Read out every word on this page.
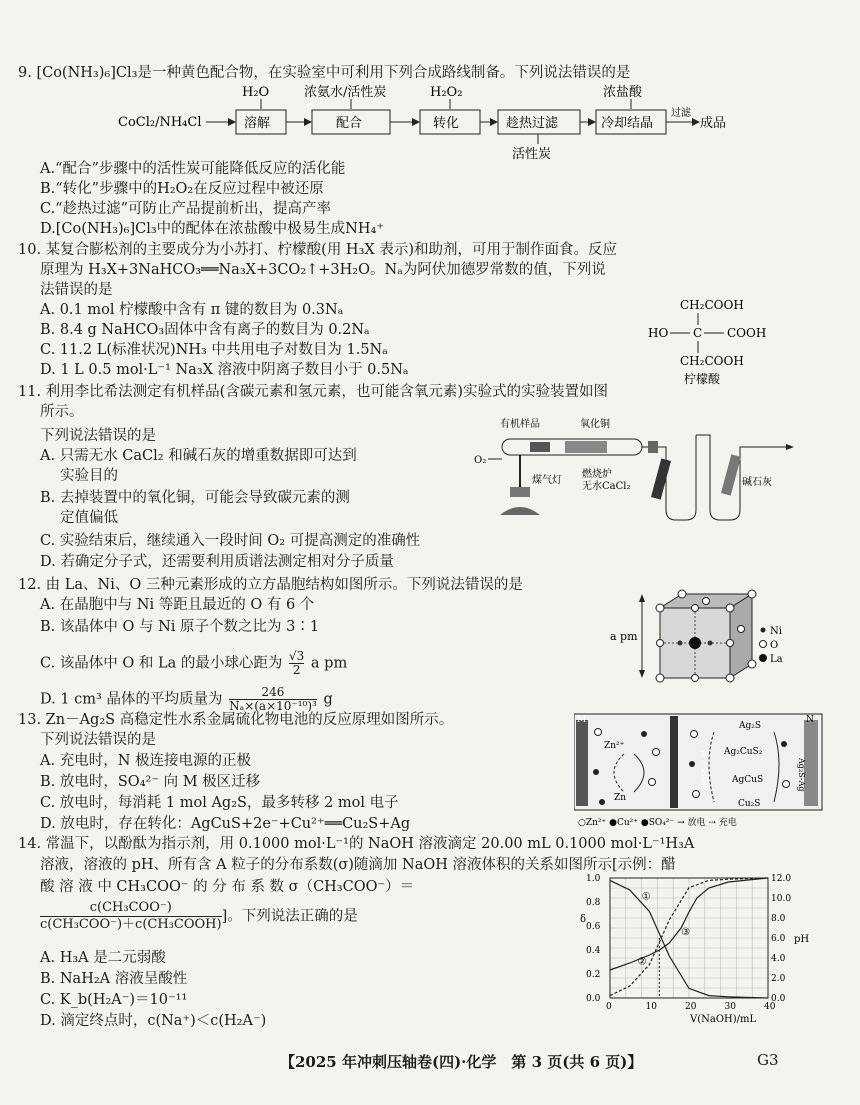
9. [Co(NH₃)₆]Cl₃是一种黄色配合物，在实验室中可利用下列合成路线制备。下列说法错误的是
CoCl₂/NH₄Cl	溶解
H₂O
配合
浓氨水/活性炭
转化
H₂O₂
趁热过滤
活性炭
冷却结晶
浓盐酸
过滤
成品
A.“配合”步骤中的活性炭可能降低反应的活化能
B.“转化”步骤中的H₂O₂在反应过程中被还原
C.“趁热过滤”可防止产品提前析出，提高产率
D.[Co(NH₃)₆]Cl₃中的配体在浓盐酸中极易生成NH₄⁺
10. 某复合膨松剂的主要成分为小苏打、柠檬酸(用 H₃X 表示)和助剂，可用于制作面食。反应
原理为 H₃X+3NaHCO₃══Na₃X+3CO₂↑+3H₂O。Nₐ为阿伏加德罗常数的值，下列说
法错误的是
A. 0.1 mol 柠檬酸中含有 π 键的数目为 0.3Nₐ
B. 8.4 g NaHCO₃固体中含有离子的数目为 0.2Nₐ
C. 11.2 L(标准状况)NH₃ 中共用电子对数目为 1.5Nₐ
D. 1 L 0.5 mol·L⁻¹ Na₃X 溶液中阴离子数目小于 0.5Nₐ
CH₂COOH
HO C COOH
CH₂COOH
柠檬酸
11. 利用李比希法测定有机样品(含碳元素和氢元素，也可能含氧元素)实验式的实验装置如图
所示。
下列说法错误的是
A. 只需无水 CaCl₂ 和碱石灰的增重数据即可达到
实验目的
B. 去掉装置中的氧化铜，可能会导致碳元素的测
定值偏低
C. 实验结束后，继续通入一段时间 O₂ 可提高测定的准确性
D. 若确定分子式，还需要利用质谱法测定相对分子质量
有机样品	氧化铜
O₂
煤气灯
燃烧炉
无水CaCl₂	碱石灰
12. 由 La、Ni、O 三种元素形成的立方晶胞结构如图所示。下列说法错误的是
A. 在晶胞中与 Ni 等距且最近的 O 有 6 个
B. 该晶体中 O 与 Ni 原子个数之比为 3∶1
C. 该晶体中 O 和 La 的最小球心距为 $\frac{√3}{2}$ a pm
D. 1 cm³ 晶体的平均质量为 $\frac{246}{\text{Nₐ×(a×10⁻¹⁰)³}}$ g
a pm	Ni
O
La
13. Zn－Ag₂S 高稳定性水系金属硫化物电池的反应原理如图所示。
下列说法错误的是
A. 充电时，N 极连接电源的正极
B. 放电时，SO₄²⁻ 向 M 极区迁移
C. 放电时，每消耗 1 mol Ag₂S，最多转移 2 mol 电子
D. 放电时，存在转化：AgCuS+2e⁻+Cu²⁺══Cu₂S+Ag
M	N
Ag₂S-Ag
离子交换膜
Zn²⁺
Zn
Ag₂S
Ag₂CuS₂
AgCuS
Cu₂S
○Zn²⁺ ●Cu²⁺ ●SO₄²⁻ → 放电 ⇢ 充电
14. 常温下，以酚酞为指示剂，用 0.1000 mol·L⁻¹的 NaOH 溶液滴定 20.00 mL 0.1000 mol·L⁻¹H₃A
溶液，溶液的 pH、所有含 A 粒子的分布系数(σ)随滴加 NaOH 溶液体积的关系如图所示[示例：醋
酸 溶 液 中 CH₃COO⁻ 的 分 布 系 数 σ（CH₃COO⁻）＝
c(CH₃COO⁻)
c(CH₃COO⁻)＋c(CH₃COOH) ]。下列说法正确的是
A. H₃A 是二元弱酸
B. NaH₂A 溶液呈酸性
C. K_b(H₂A⁻)＝10⁻¹¹
D. 滴定终点时，c(Na⁺)＜c(H₂A⁻)
0	10	20	30	40
0.0
0.2
0.4
0.6
0.8
1.0
0.0
2.0
4.0
6.0
8.0
10.0
12.0
δ
pH
V(NaOH)/mL
①
②
③
【2025 年冲刺压轴卷(四)·化学　第 3 页(共 6 页)】	G3
